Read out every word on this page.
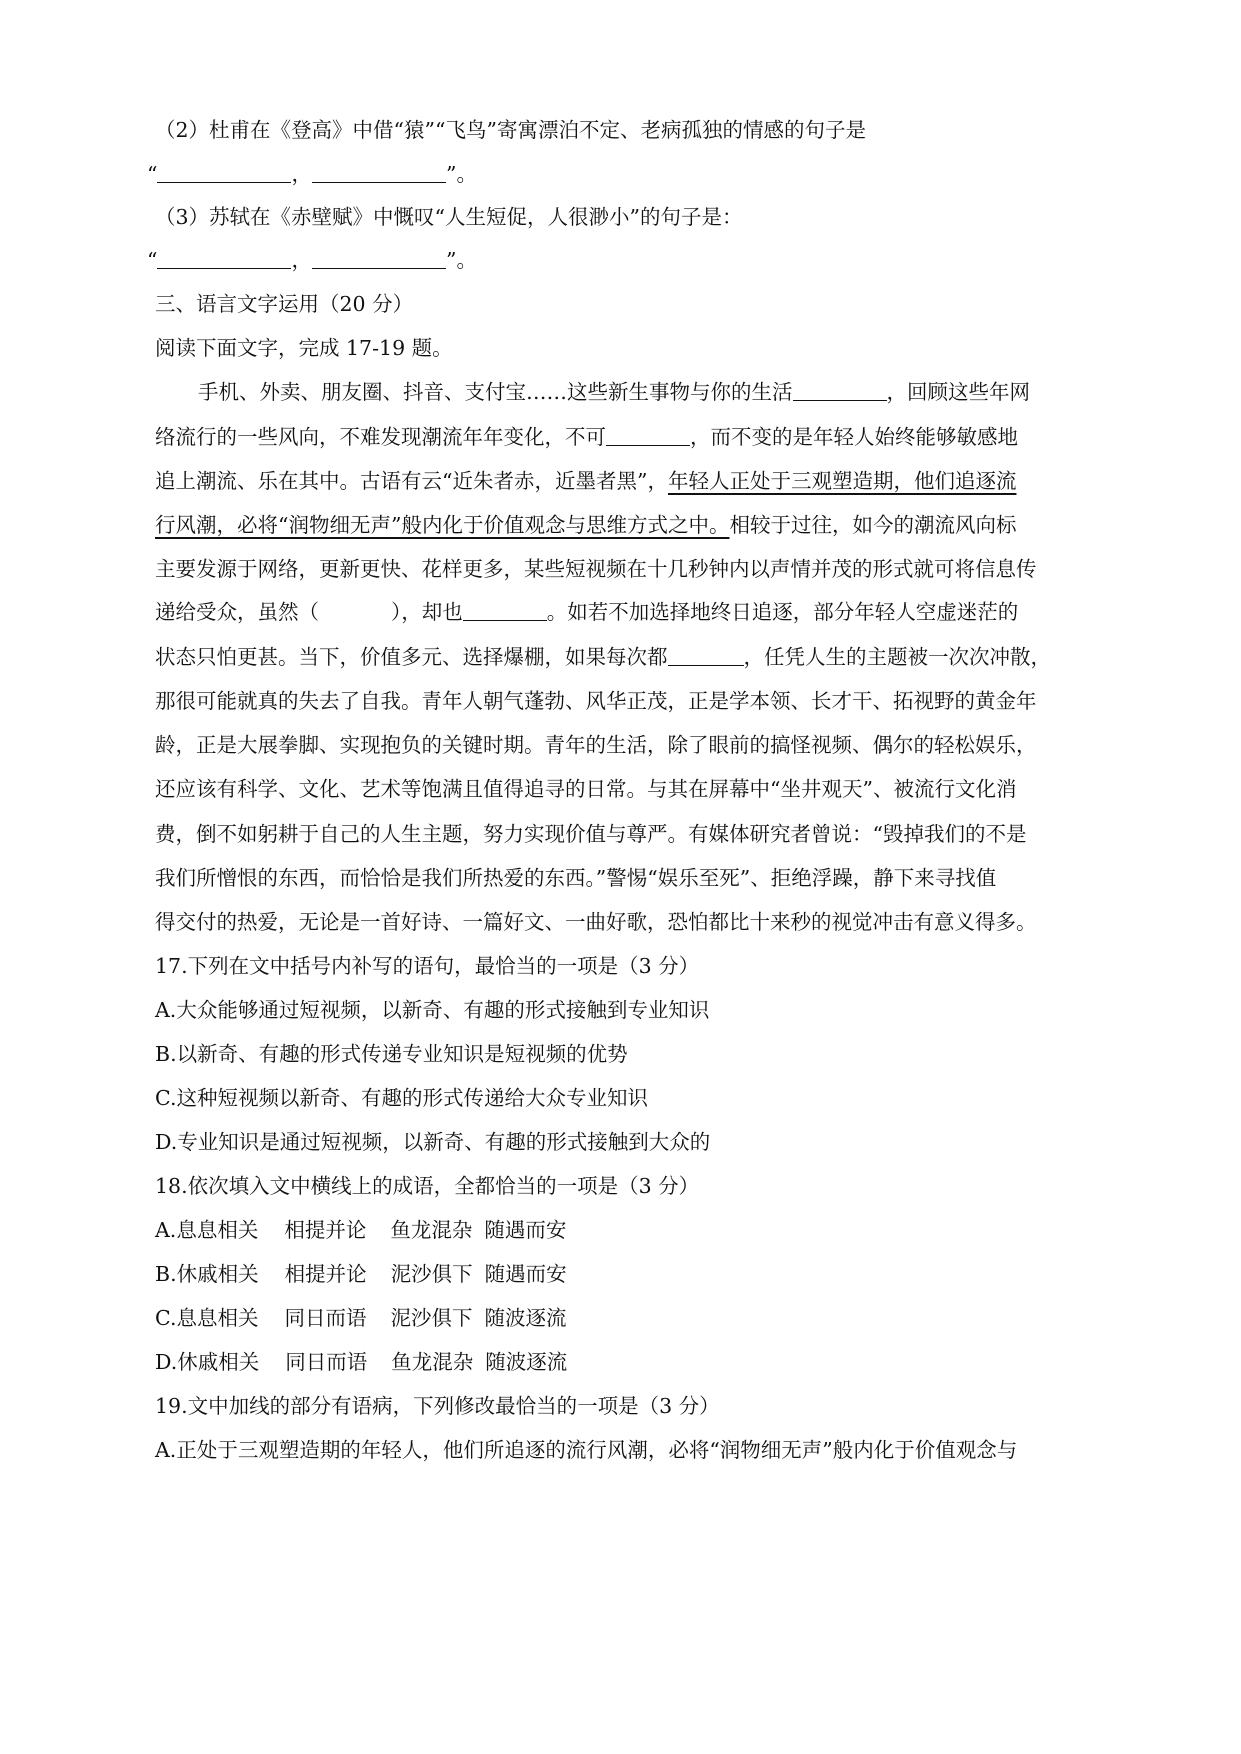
（2）杜甫在《登高》中借“猿”“飞鸟”寄寓漂泊不定、老病孤独的情感的句子是
“	，	”。
（3）苏轼在《赤壁赋》中慨叹“人生短促，人很渺小”的句子是：
“	，	”。
三、语言文字运用（20 分）
阅读下面文字，完成 17-19 题。
手机、外卖、朋友圈、抖音、支付宝……这些新生事物与你的生活	，回顾这些年网
络流行的一些风向，不难发现潮流年年变化，不可	，而不变的是年轻人始终能够敏感地
追上潮流、乐在其中。古语有云“近朱者赤，近墨者黑”，年轻人正处于三观塑造期，他们追逐流
行风潮，必将“润物细无声”般内化于价值观念与思维方式之中。相较于过往，如今的潮流风向标
主要发源于网络，更新更快、花样更多，某些短视频在十几秒钟内以声情并茂的形式就可将信息传
递给受众，虽然（	），却也	。如若不加选择地终日追逐，部分年轻人空虚迷茫的
状态只怕更甚。当下，价值多元、选择爆棚，如果每次都	，任凭人生的主题被一次次冲散，
那很可能就真的失去了自我。青年人朝气蓬勃、风华正茂，正是学本领、长才干、拓视野的黄金年
龄，正是大展拳脚、实现抱负的关键时期。青年的生活，除了眼前的搞怪视频、偶尔的轻松娱乐，
还应该有科学、文化、艺术等饱满且值得追寻的日常。与其在屏幕中“坐井观天”、被流行文化消
费，倒不如躬耕于自己的人生主题，努力实现价值与尊严。有媒体研究者曾说：“毁掉我们的不是
我们所憎恨的东西，而恰恰是我们所热爱的东西。”警惕“娱乐至死”、拒绝浮躁，静下来寻找值
得交付的热爱，无论是一首好诗、一篇好文、一曲好歌，恐怕都比十来秒的视觉冲击有意义得多。
17.下列在文中括号内补写的语句，最恰当的一项是（3 分）
A.大众能够通过短视频，以新奇、有趣的形式接触到专业知识
B.以新奇、有趣的形式传递专业知识是短视频的优势
C.这种短视频以新奇、有趣的形式传递给大众专业知识
D.专业知识是通过短视频，以新奇、有趣的形式接触到大众的
18.依次填入文中横线上的成语，全都恰当的一项是（3 分）
A.息息相关 相提并论 鱼龙混杂 随遇而安
B.休戚相关 相提并论 泥沙俱下 随遇而安
C.息息相关 同日而语 泥沙俱下 随波逐流
D.休戚相关 同日而语 鱼龙混杂 随波逐流
19.文中加线的部分有语病，下列修改最恰当的一项是（3 分）
A.正处于三观塑造期的年轻人，他们所追逐的流行风潮，必将“润物细无声”般内化于价值观念与
